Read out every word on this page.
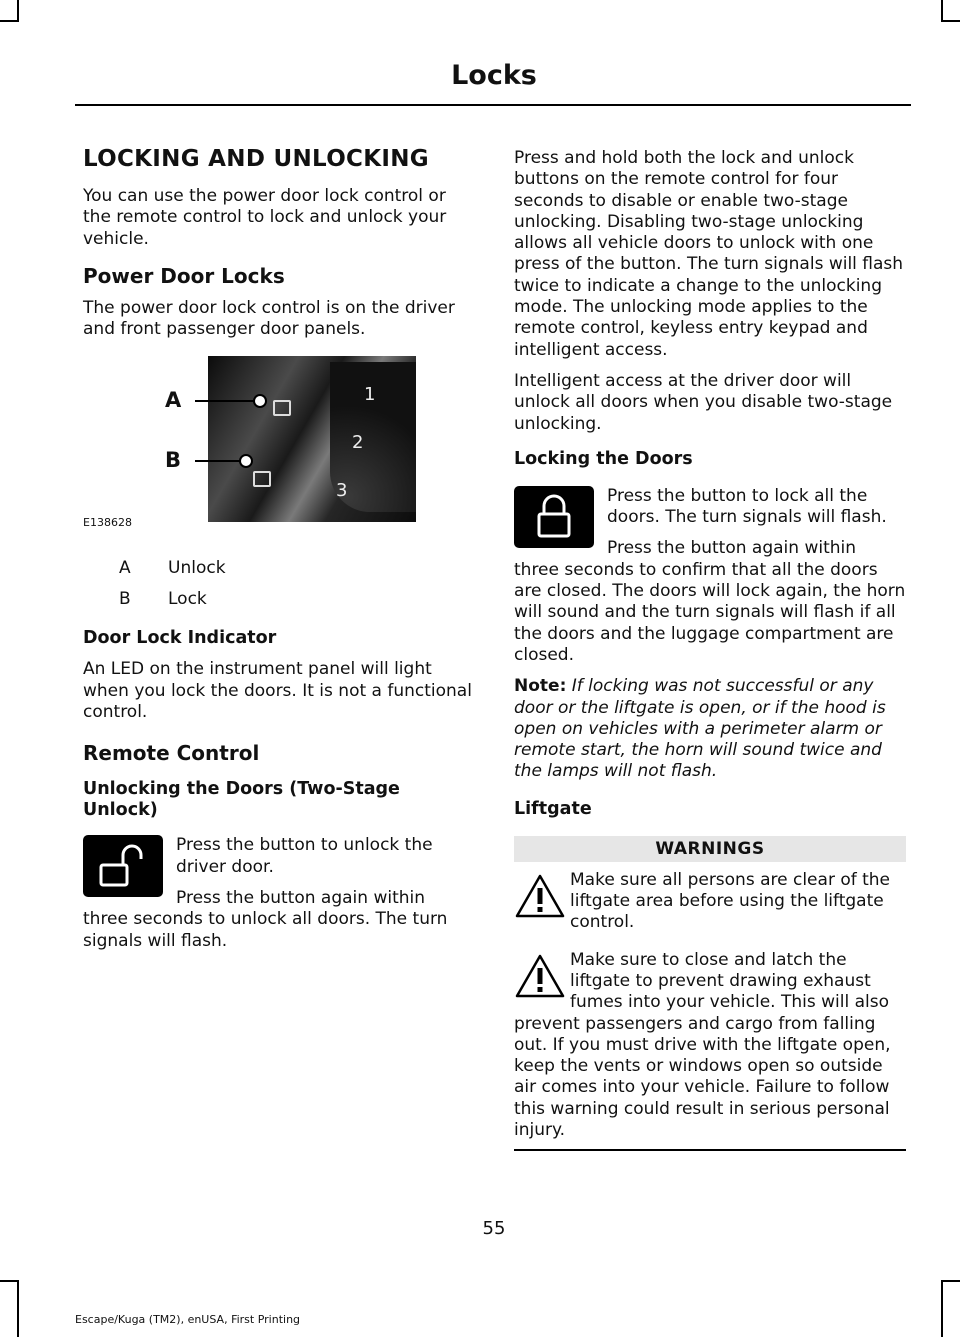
Locks
LOCKING AND UNLOCKING

You can use the power door lock control or the remote control to lock and unlock your vehicle.

Power Door Locks

The power door lock control is on the driver and front passenger door panels.

1
2
3
A
B
E138628
A	Unlock
B	Lock
Door Lock Indicator

An LED on the instrument panel will light when you lock the doors. It is not a functional control.

Remote Control
Unlocking the Doors (Two-Stage Unlock)

Press the button to unlock the driver door.

Press the button again within three seconds to unlock all doors. The turn signals will flash.

Press and hold both the lock and unlock buttons on the remote control for four seconds to disable or enable two-stage unlocking. Disabling two-stage unlocking allows all vehicle doors to unlock with one press of the button. The turn signals will flash twice to indicate a change to the unlocking mode. The unlocking mode applies to the remote control, keyless entry keypad and intelligent access.

Intelligent access at the driver door will unlock all doors when you disable two-stage unlocking.

Locking the Doors

Press the button to lock all the doors. The turn signals will flash.

Press the button again within three seconds to confirm that all the doors are closed. The doors will lock again, the horn will sound and the turn signals will flash if all the doors and the luggage compartment are closed.

Note: If locking was not successful or any door or the liftgate is open, or if the hood is open on vehicles with a perimeter alarm or remote start, the horn will sound twice and the lamps will not flash.

Liftgate
WARNINGS

Make sure all persons are clear of the liftgate area before using the liftgate control.

Make sure to close and latch the liftgate to prevent drawing exhaust fumes into your vehicle. This will also prevent passengers and cargo from falling out. If you must drive with the liftgate open, keep the vents or windows open so outside air comes into your vehicle. Failure to follow this warning could result in serious personal injury.

55
Escape/Kuga (TM2), enUSA, First Printing
